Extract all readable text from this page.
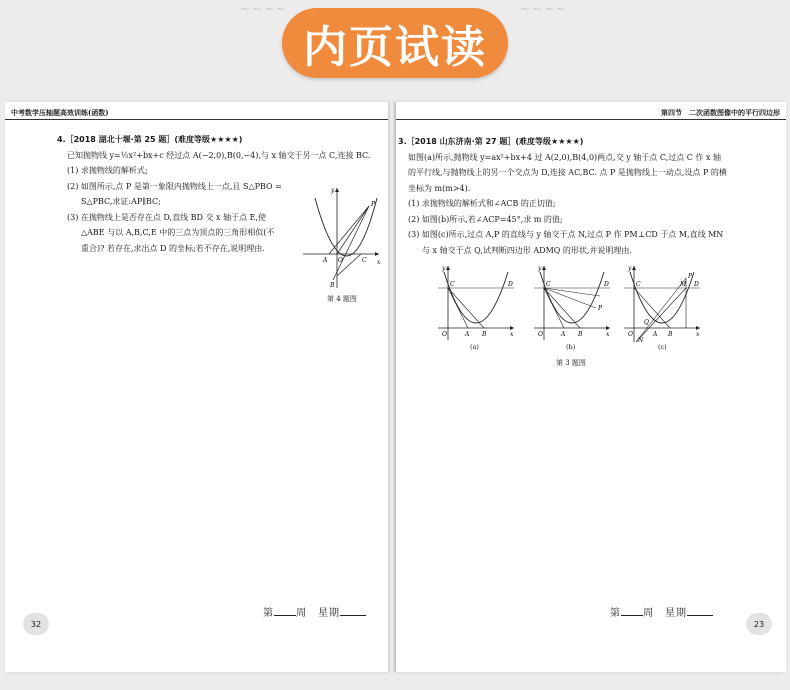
~~~~	~~~~
内页试读
中考数学压轴题高效训练(函数)
4.［2018 湖北十堰·第 25 题］(难度等级★★★★)
已知抛物线 y=½x²+bx+c 经过点 A(−2,0),B(0,−4),与 x 轴交于另一点 C,连接 BC.
(1) 求抛物线的解析式;
(2) 如图所示,点 P 是第一象限内抛物线上一点,且 S△PBO =
S△PBC,求证:AP∥BC;
(3) 在抛物线上是否存在点 D,直线 BD 交 x 轴于点 E,使
△ABE 与以 A,B,C,E 中的三点为顶点的三角形相似(不
重合)? 若存在,求出点 D 的坐标;若不存在,说明理由.
y
x
A O	C
B
P
第 4 题图
第 周　 星期
32
第四节　二次函数图像中的平行四边形
3.［2018 山东济南·第 27 题］(难度等级★★★★)
如图(a)所示,抛物线 y=ax²+bx+4 过 A(2,0),B(4,0)两点,交 y 轴于点 C,过点 C 作 x 轴
的平行线,与抛物线上的另一个交点为 D,连接 AC,BC. 点 P 是抛物线上一动点,设点 P 的横
坐标为 m(m>4).
(1) 求抛物线的解析式和∠ACB 的正切值;
(2) 如图(b)所示,若∠ACP=45°,求 m 的值;
(3) 如图(c)所示,过点 A,P 的直线与 y 轴交于点 N,过点 P 作 PM⊥CD 于点 M,直线 MN
与 x 轴交于点 Q,试判断四边形 ADMQ 的形状,并说明理由.
y
x
O	A B
C	D
(a)
y
x
O	A B
C	D
P
(b)
y
x
O	A B
C	D
M
P
N
Q
(c)
第 3 题图
第 周　 星期
23
